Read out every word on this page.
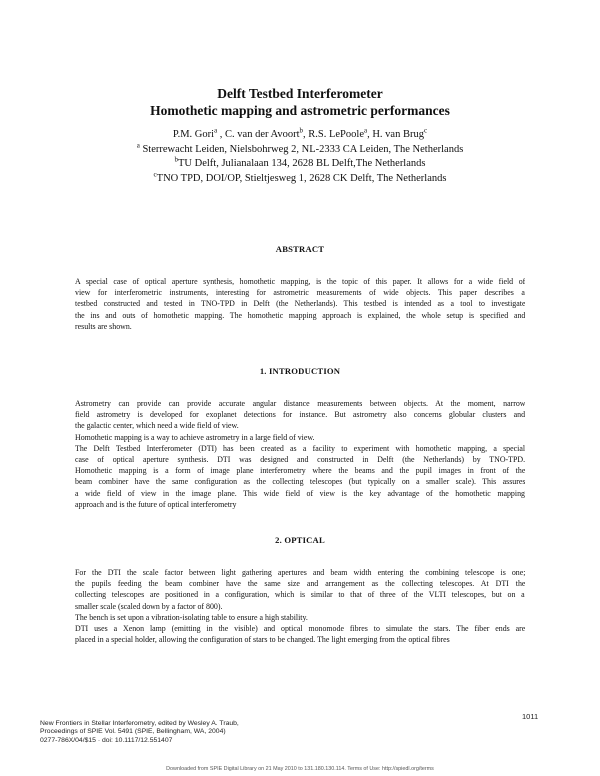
Delft Testbed Interferometer
Homothetic mapping and astrometric performances
P.M. Gori$^a$ , C. van der Avoort$^b$, R.S. LePoole$^a$, H. van Brug$^c$
$^a$ Sterrewacht Leiden, Nielsbohrweg 2, NL-2333 CA Leiden, The Netherlands
$^b$TU Delft, Julianalaan 134, 2628 BL Delft,The Netherlands
$^c$TNO TPD, DOI/OP, Stieltjesweg 1, 2628 CK Delft, The Netherlands
ABSTRACT
A special case of optical aperture synthesis, homothetic mapping, is the topic of this paper. It allows for a wide field of
view for interferometric instruments, interesting for astrometric measurements of wide objects. This paper describes a
testbed constructed and tested in TNO-TPD in Delft (the Netherlands). This testbed is intended as a tool to investigate
the ins and outs of homothetic mapping. The homothetic mapping approach is explained, the whole setup is specified and
results are shown.
1. INTRODUCTION
Astrometry can provide can provide accurate angular distance measurements between objects. At the moment, narrow
field astrometry is developed for exoplanet detections for instance. But astrometry also concerns globular clusters and
the galactic center, which need a wide field of view.
Homothetic mapping is a way to achieve astrometry in a large field of view.
The Delft Testbed Interferometer (DTI) has been created as a facility to experiment with homothetic mapping, a special
case of optical aperture synthesis. DTI was designed and constructed in Delft (the Netherlands) by TNO-TPD.
Homothetic mapping is a form of image plane interferometry where the beams and the pupil images in front of the
beam combiner have the same configuration as the collecting telescopes (but typically on a smaller scale). This assures
a wide field of view in the image plane. This wide field of view is the key advantage of the homothetic mapping
approach and is the future of optical interferometry
2. OPTICAL
For the DTI the scale factor between light gathering apertures and beam width entering the combining telescope is one;
the pupils feeding the beam combiner have the same size and arrangement as the collecting telescopes. At DTI the
collecting telescopes are positioned in a configuration, which is similar to that of three of the VLTI telescopes, but on a
smaller scale (scaled down by a factor of 800).
The bench is set upon a vibration-isolating table to ensure a high stability.
DTI uses a Xenon lamp (emitting in the visible) and optical monomode fibres to simulate the stars. The fiber ends are
placed in a special holder, allowing the configuration of stars to be changed. The light emerging from the optical fibres
New Frontiers in Stellar Interferometry, edited by Wesley A. Traub,
Proceedings of SPIE Vol. 5491 (SPIE, Bellingham, WA, 2004)
0277-786X/04/$15 · doi: 10.1117/12.551407
1011
Downloaded from SPIE Digital Library on 21 May 2010 to 131.180.130.114. Terms of Use: http://spiedl.org/terms
